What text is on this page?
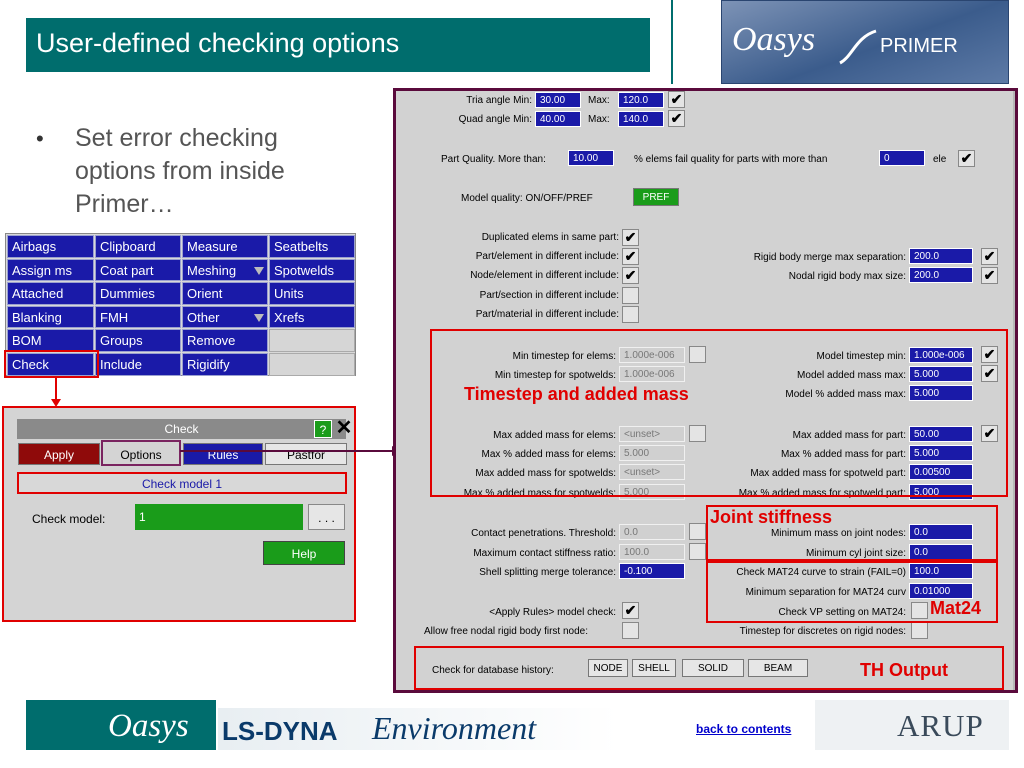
User-defined checking options	Oasys	PRIMER
• Set error checking options from inside Primer…
Airbags	Clipboard	Measure	Seatbelts
Assign ms	Coat part	Meshing	Spotwelds
Attached	Dummies	Orient	Units
Blanking	FMH	Other	Xrefs
BOM	Groups	Remove
Check	Include	Rigidify
Check	? ✕
Apply	Options	Rules	Pastfor
Check model 1
Check model:	1	. . .
Help
Tria angle Min: 30.00	Max:	120.0	✔
Quad angle Min: 40.00	Max:	140.0	✔
Part Quality. More than:	10.00	% elems fail quality for parts with more than	0	ele ✔
Model quality: ON/OFF/PREF	PREF
Duplicated elems in same part: ✔
Part/element in different include: ✔
Node/element in different include: ✔
Part/section in different include:
Part/material in different include:
Rigid body merge max separation: 200.0	✔
Nodal rigid body max size: 200.0	✔
Min timestep for elems: 1.000e-006
Min timestep for spotwelds: 1.000e-006
Model timestep min: 1.000e-006	✔
Model added mass max: 5.000	✔
Model % added mass max: 5.000
Max added mass for elems: <unset>
Max % added mass for elems: 5.000
Max added mass for spotwelds: <unset>
Max % added mass for spotwelds: 5.000
Max added mass for part: 50.00	✔
Max % added mass for part: 5.000
Max added mass for spotweld part: 0.00500
Max % added mass for spotweld part: 5.000
Contact penetrations. Threshold: 0.0
Maximum contact stiffness ratio: 100.0
Shell splitting merge tolerance: -0.100
Minimum mass on joint nodes: 0.0
Minimum cyl joint size: 0.0
Check MAT24 curve to strain (FAIL=0) 100.0
Minimum separation for MAT24 curv 0.01000
<Apply Rules> model check: ✔	Check VP setting on MAT24:
Allow free nodal rigid body first node:	Timestep for discretes on rigid nodes:
Check for database history:	NODE	SHELL	SOLID	BEAM
Timestep and added mass
Joint stiffness
Mat24
TH Output
Oasys LS-DYNA Environment	back to contents	ARUP
